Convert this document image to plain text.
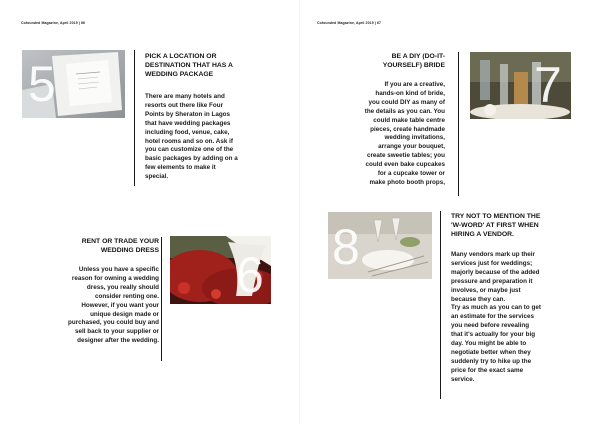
Cofounded Magazine, April 2019 | 66
5	PICK A LOCATION OR
DESTINATION THAT HAS A
WEDDING PACKAGE

There are many hotels and
resorts out there like Four
Points by Sheraton in Lagos
that have wedding packages
including food, venue, cake,
hotel rooms and so on. Ask if
you can customize one of the
basic packages by adding on a
few elements to make it
special.

RENT OR TRADE YOUR
WEDDING DRESS

Unless you have a specific
reason for owning a wedding
dress, you really should
consider renting one.
However, if you want your
unique design made or
purchased, you could buy and
sell back to your supplier or
designer after the wedding.

6
Cofounded Magazine, April 2019 | 67
BE A DIY (DO-IT-
YOURSELF) BRIDE

If you are a creative,
hands-on kind of bride,
you could DIY as many of
the details as you can. You
could make table centre
pieces, create handmade
wedding invitations,
arrange your bouquet,
create sweetie tables; you
could even bake cupcakes
for a cupcake tower or
make photo booth props,

7
8
TRY NOT TO MENTION THE
'W-WORD' AT FIRST WHEN
HIRING A VENDOR.

Many vendors mark up their
services just for weddings;
majorly because of the added
pressure and preparation it
involves, or maybe just
because they can.
Try as much as you can to get
an estimate for the services
you need before revealing
that it's actually for your big
day. You might be able to
negotiate better when they
suddenly try to hike up the
price for the exact same
service.
